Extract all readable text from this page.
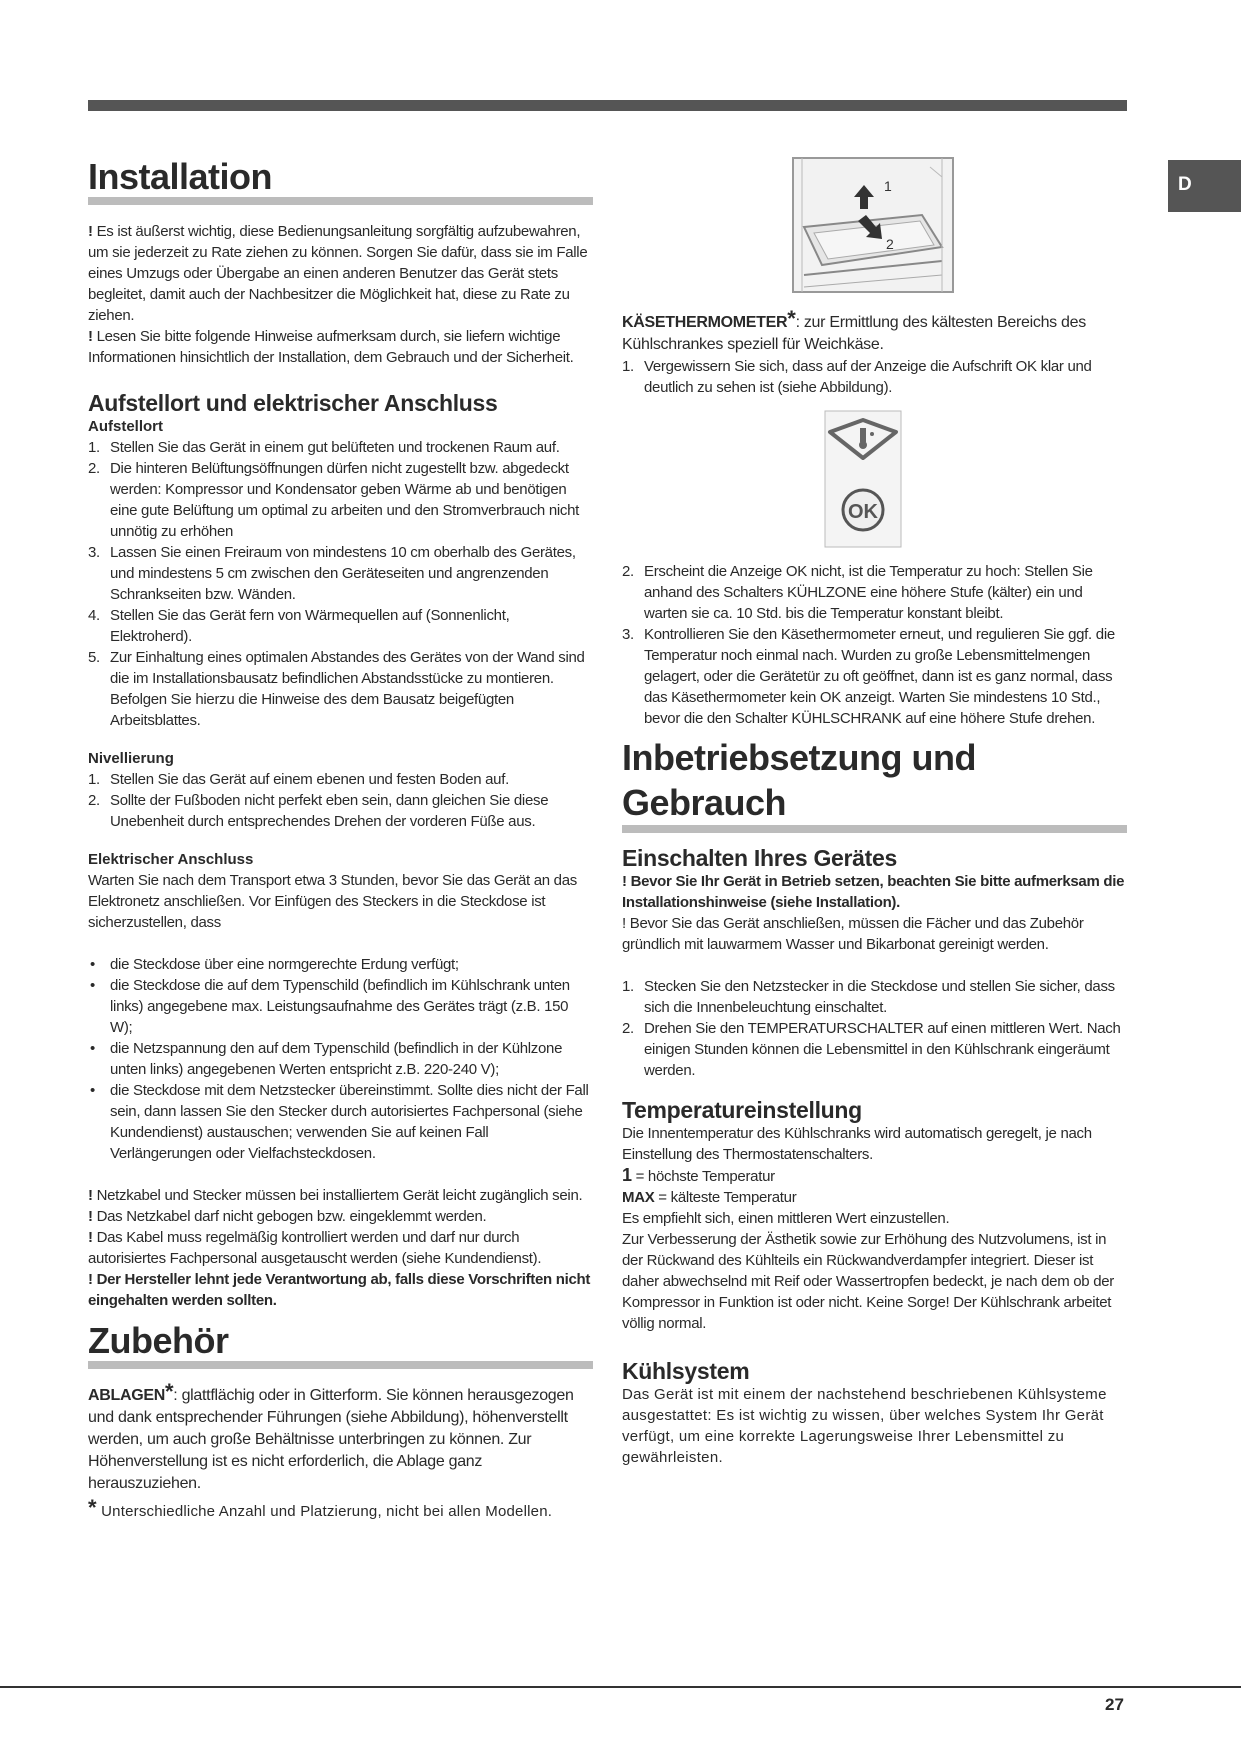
D
Installation

! Es ist äußerst wichtig, diese Bedienungsanleitung sorgfältig aufzubewahren, um sie jederzeit zu Rate ziehen zu können. Sorgen Sie dafür, dass sie im Falle eines Umzugs oder Übergabe an einen anderen Benutzer das Gerät stets begleitet, damit auch der Nachbesitzer die Möglichkeit hat, diese zu Rate zu ziehen.

! Lesen Sie bitte folgende Hinweise aufmerksam durch, sie liefern wichtige Informationen hinsichtlich der Installation, dem Gebrauch und der Sicherheit.

Aufstellort und elektrischer Anschluss
Aufstellort
1. Stellen Sie das Gerät in einem gut belüfteten und trockenen Raum auf.
2. Die hinteren Belüftungsöffnungen dürfen nicht zugestellt bzw. abgedeckt werden: Kompressor und Kondensator geben Wärme ab und benötigen eine gute Belüftung um optimal zu arbeiten und den Stromverbrauch nicht unnötig zu erhöhen
3. Lassen Sie einen Freiraum von mindestens 10 cm oberhalb des Gerätes, und mindestens 5 cm zwischen den Geräteseiten und angrenzenden Schrankseiten bzw. Wänden.
4. Stellen Sie das Gerät fern von Wärmequellen auf (Sonnenlicht, Elektroherd).
5. Zur Einhaltung eines optimalen Abstandes des Gerätes von der Wand sind die im Installationsbausatz befindlichen Abstandsstücke zu montieren. Befolgen Sie hierzu die Hinweise des dem Bausatz beigefügten Arbeitsblattes.
Nivellierung
1. Stellen Sie das Gerät auf einem ebenen und festen Boden auf.
2. Sollte der Fußboden nicht perfekt eben sein, dann gleichen Sie diese Unebenheit durch entsprechendes Drehen der vorderen Füße aus.
Elektrischer Anschluss

Warten Sie nach dem Transport etwa 3 Stunden, bevor Sie das Gerät an das Elektronetz anschließen. Vor Einfügen des Steckers in die Steckdose ist sicherzustellen, dass

• die Steckdose über eine normgerechte Erdung verfügt;
• die Steckdose die auf dem Typenschild (befindlich im Kühlschrank unten links) angegebene max. Leistungsaufnahme des Gerätes trägt (z.B. 150 W);
• die Netzspannung den auf dem Typenschild (befindlich in der Kühlzone unten links) angegebenen Werten entspricht z.B. 220-240 V);
• die Steckdose mit dem Netzstecker übereinstimmt. Sollte dies nicht der Fall sein, dann lassen Sie den Stecker durch autorisiertes Fachpersonal (siehe Kundendienst) austauschen; verwenden Sie auf keinen Fall Verlängerungen oder Vielfachsteckdosen.

! Netzkabel und Stecker müssen bei installiertem Gerät leicht zugänglich sein.

! Das Netzkabel darf nicht gebogen bzw. eingeklemmt werden.

! Das Kabel muss regelmäßig kontrolliert werden und darf nur durch autorisiertes Fachpersonal ausgetauscht werden (siehe Kundendienst).

! Der Hersteller lehnt jede Verantwortung ab, falls diese Vorschriften nicht eingehalten werden sollten.

Zubehör

ABLAGEN*: glattflächig oder in Gitterform. Sie können herausgezogen und dank entsprechender Führungen (siehe Abbildung), höhenverstellt werden, um auch große Behältnisse unterbringen zu können. Zur Höhenverstellung ist es nicht erforderlich, die Ablage ganz herauszuziehen.

* Unterschiedliche Anzahl und Platzierung, nicht bei allen Modellen.

1
2

KÄSETHERMOMETER*: zur Ermittlung des kältesten Bereichs des Kühlschrankes speziell für Weichkäse.

1. Vergewissern Sie sich, dass auf der Anzeige die Aufschrift OK klar und deutlich zu sehen ist (siehe Abbildung).
OK
2. Erscheint die Anzeige OK nicht, ist die Temperatur zu hoch: Stellen Sie anhand des Schalters KÜHLZONE eine höhere Stufe (kälter) ein und warten sie ca. 10 Std. bis die Temperatur konstant bleibt.
3. Kontrollieren Sie den Käsethermometer erneut, und regulieren Sie ggf. die Temperatur noch einmal nach. Wurden zu große Lebensmittelmengen gelagert, oder die Gerätetür zu oft geöffnet, dann ist es ganz normal, dass das Käsethermometer kein OK anzeigt. Warten Sie mindestens 10 Std., bevor die den Schalter KÜHLSCHRANK auf eine höhere Stufe drehen.
Inbetriebsetzung und Gebrauch
Einschalten Ihres Gerätes

! Bevor Sie Ihr Gerät in Betrieb setzen, beachten Sie bitte aufmerksam die Installationshinweise (siehe Installation).

! Bevor Sie das Gerät anschließen, müssen die Fächer und das Zubehör gründlich mit lauwarmem Wasser und Bikarbonat gereinigt werden.

1. Stecken Sie den Netzstecker in die Steckdose und stellen Sie sicher, dass sich die Innenbeleuchtung einschaltet.
2. Drehen Sie den TEMPERATURSCHALTER auf einen mittleren Wert. Nach einigen Stunden können die Lebensmittel in den Kühlschrank eingeräumt werden.
Temperatureinstellung

Die Innentemperatur des Kühlschranks wird automatisch geregelt, je nach Einstellung des Thermostatenschalters.

1 = höchste Temperatur

MAX = kälteste Temperatur

Es empfiehlt sich, einen mittleren Wert einzustellen.

Zur Verbesserung der Ästhetik sowie zur Erhöhung des Nutzvolumens, ist in der Rückwand des Kühlteils ein Rückwandverdampfer integriert. Dieser ist daher abwechselnd mit Reif oder Wassertropfen bedeckt, je nach dem ob der Kompressor in Funktion ist oder nicht. Keine Sorge! Der Kühlschrank arbeitet völlig normal.

Kühlsystem

Das Gerät ist mit einem der nachstehend beschriebenen Kühlsysteme ausgestattet: Es ist wichtig zu wissen, über welches System Ihr Gerät verfügt, um eine korrekte Lagerungsweise Ihrer Lebensmittel zu gewährleisten.

27
